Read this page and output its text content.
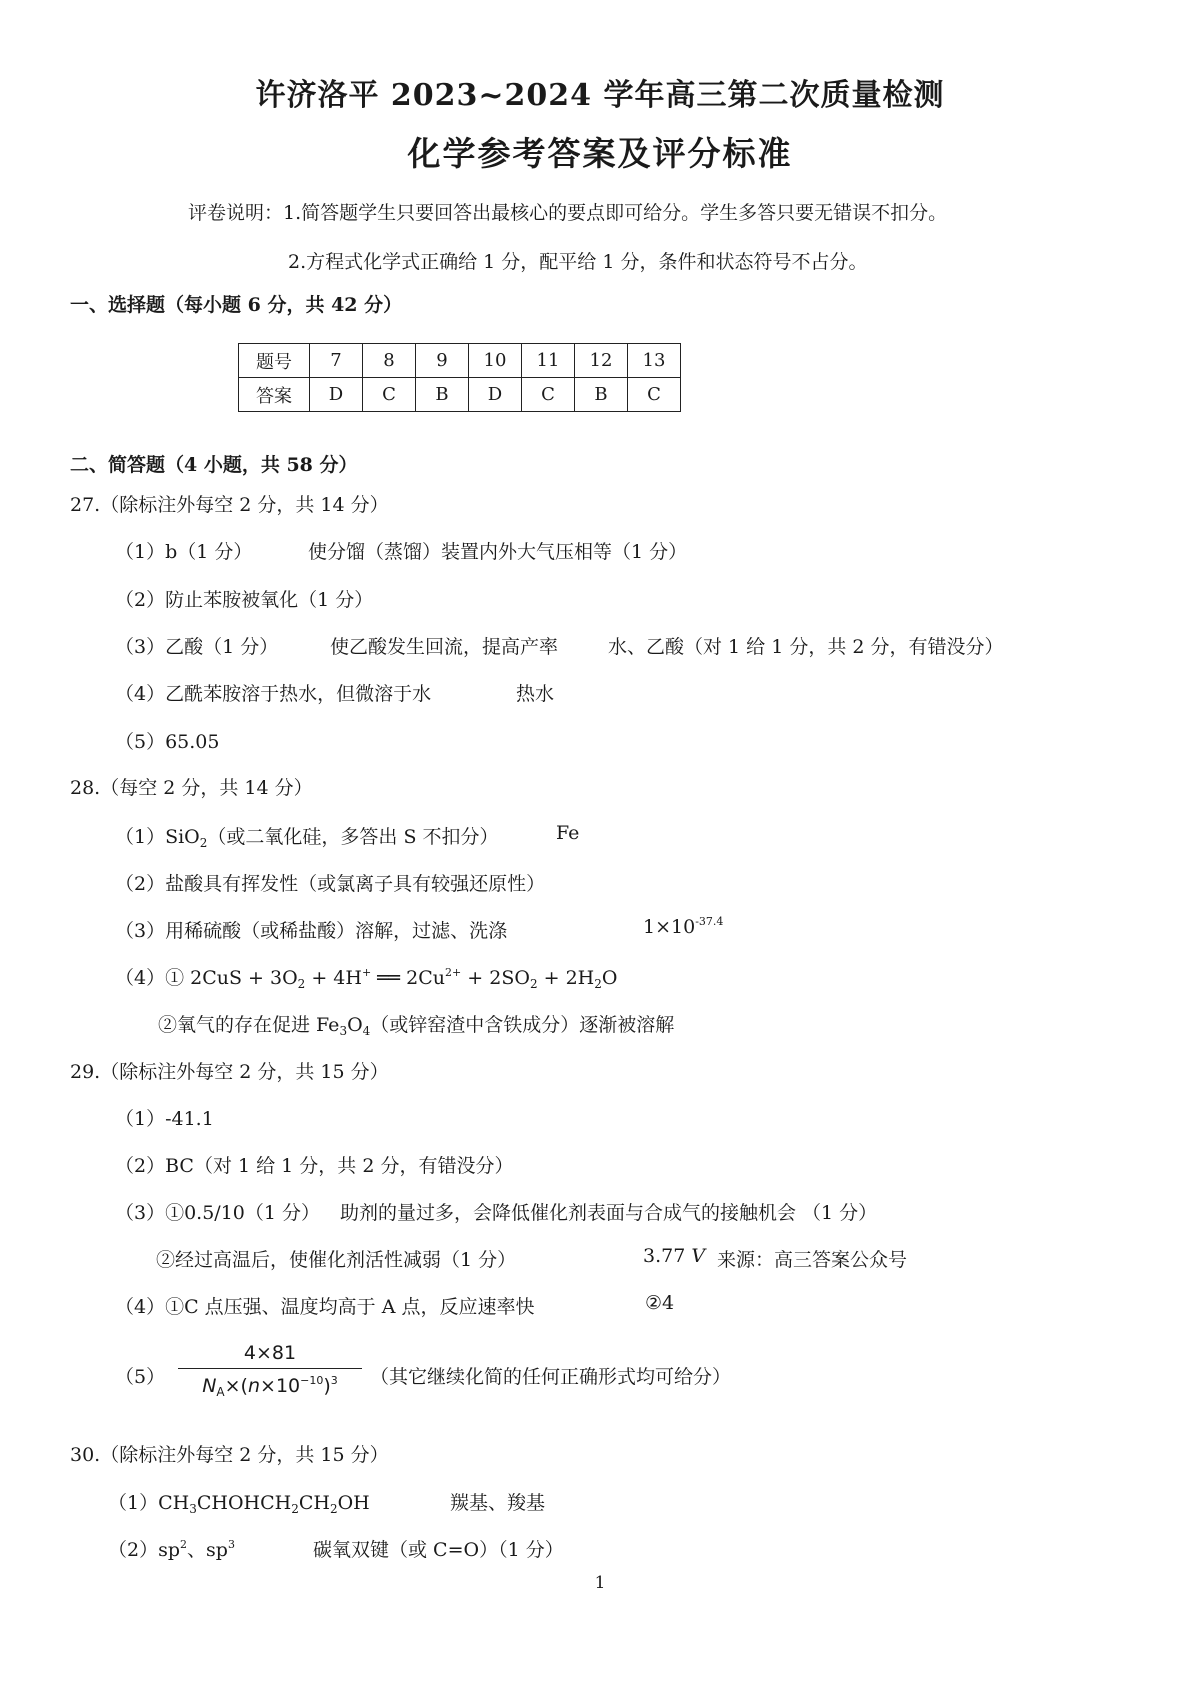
许济洛平 2023~2024 学年高三第二次质量检测
化学参考答案及评分标准
评卷说明：1.简答题学生只要回答出最核心的要点即可给分。学生多答只要无错误不扣分。
2.方程式化学式正确给 1 分，配平给 1 分，条件和状态符号不占分。
一、选择题（每小题 6 分，共 42 分）
题号	7	8	9	10	11	12	13
答案	D	C	B	D	C	B	C
二、简答题（4 小题，共 58 分）
27.（除标注外每空 2 分，共 14 分）
（1）b（1 分）	使分馏（蒸馏）装置内外大气压相等（1 分）
（2）防止苯胺被氧化（1 分）
（3）乙酸（1 分）	使乙酸发生回流，提高产率	水、乙酸（对 1 给 1 分，共 2 分，有错没分）
（4）乙酰苯胺溶于热水，但微溶于水	热水
（5）65.05
28.（每空 2 分，共 14 分）
（1）SiO$_2$（或二氧化硅，多答出 S 不扣分）	Fe
（2）盐酸具有挥发性（或氯离子具有较强还原性）
（3）用稀硫酸（或稀盐酸）溶解，过滤、洗涤	$1\times 10^{-37.4}$
（4）① $2CuS + 3O_2 + 4H^+$ ══ $2Cu^{2+} + 2SO_2 + 2H_2O$
②氧气的存在促进 $Fe_3O_4$（或锌窑渣中含铁成分）逐渐被溶解
29.（除标注外每空 2 分，共 15 分）
（1）-41.1
（2）BC（对 1 给 1 分，共 2 分，有错没分）
（3）①0.5/10（1 分） 助剂的量过多，会降低催化剂表面与合成气的接触机会 （1 分）
②经过高温后，使催化剂活性减弱（1 分）	3.77 V 来源：高三答案公众号
（4）①C 点压强、温度均高于 A 点，反应速率快	②4
（5）
4×81
$N_A\times(n\times 10^{-10})^3$	（其它继续化简的任何正确形式均可给分）
30.（除标注外每空 2 分，共 15 分）
$(1)CH_3CHOHCH_2CH_2OH$	羰基、羧基
$(2)sp^2$、$sp^3$	碳氧双键（或 C=O）（1 分）
1
